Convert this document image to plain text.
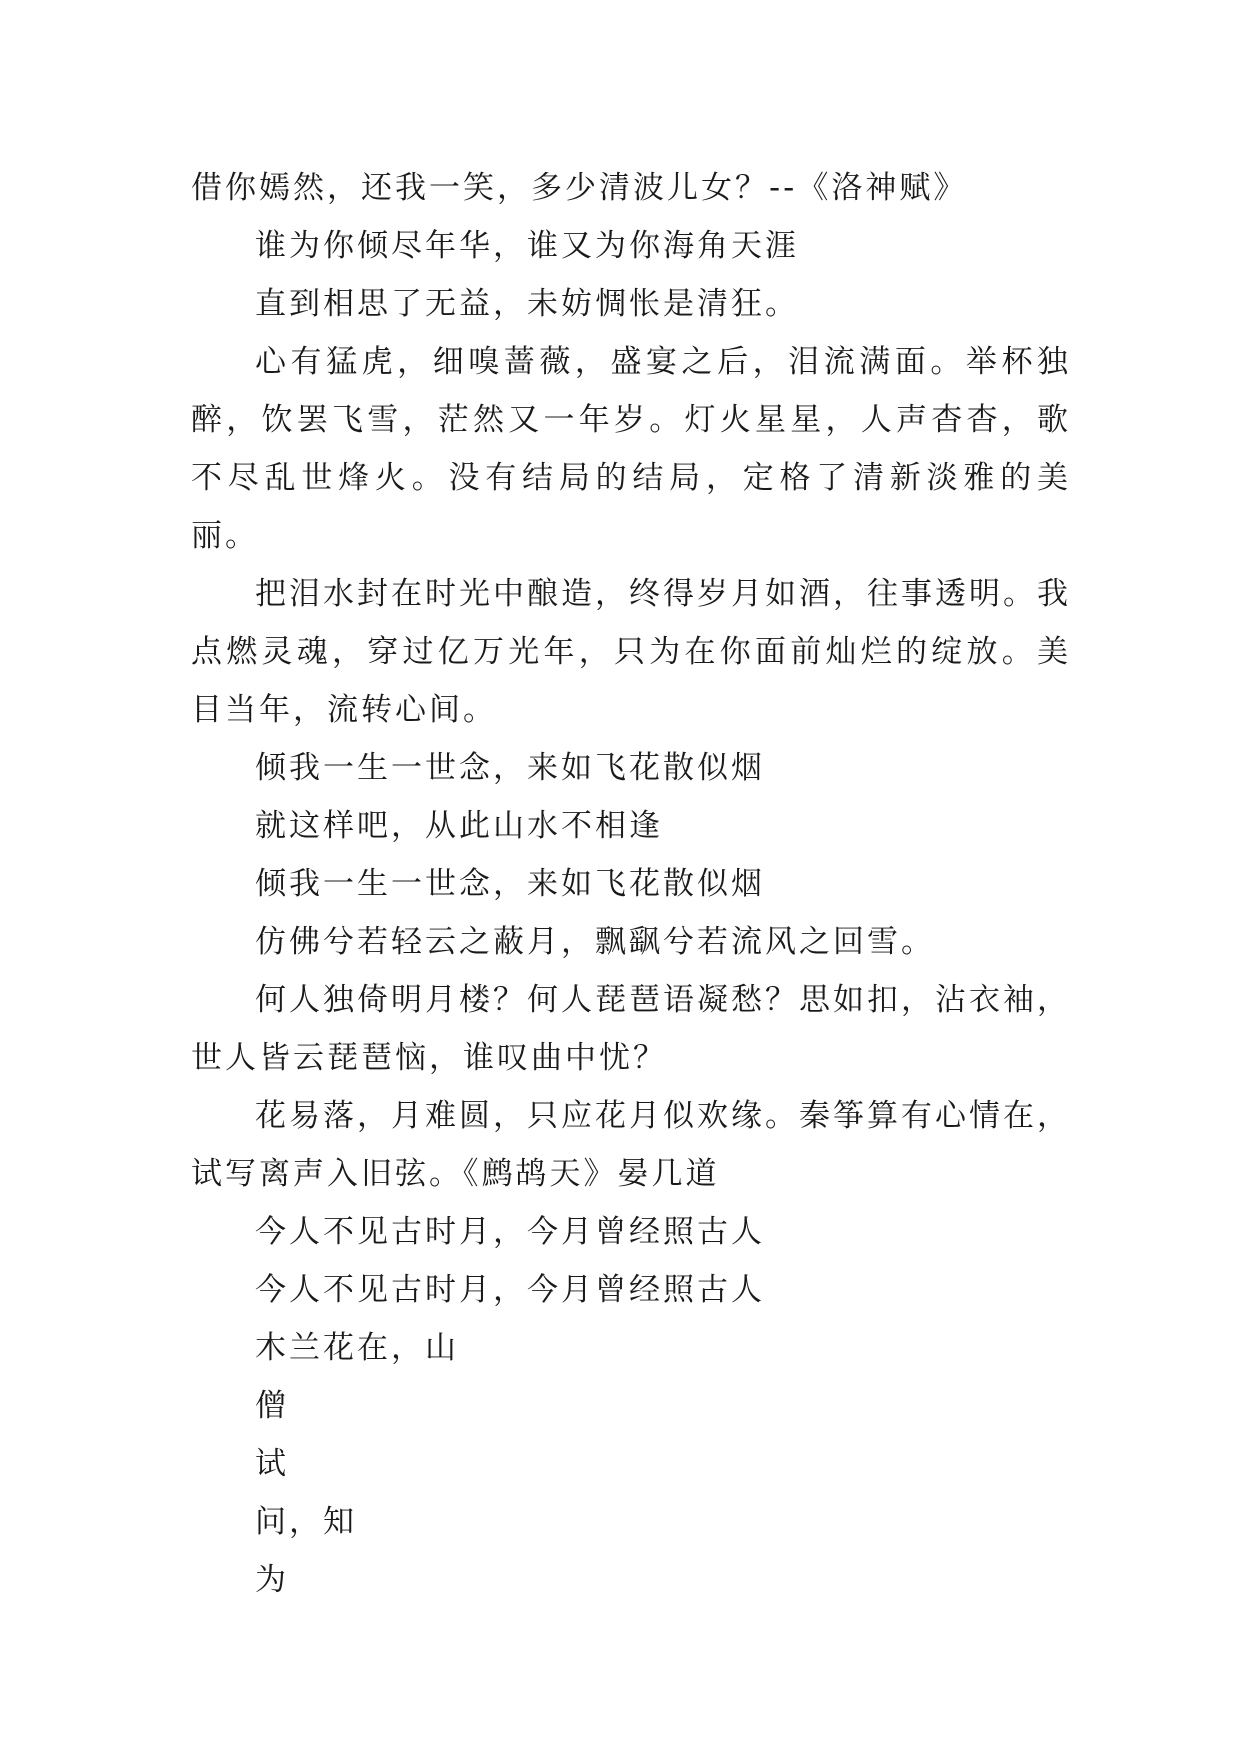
借你嫣然，还我一笑，多少清波儿女？--《洛神赋》

谁为你倾尽年华，谁又为你海角天涯

直到相思了无益，未妨惆怅是清狂。

心有猛虎，细嗅蔷薇，盛宴之后，泪流满面。举杯独醉，饮罢飞雪，茫然又一年岁。灯火星星，人声杳杳，歌不尽乱世烽火。没有结局的结局，定格了清新淡雅的美丽。

把泪水封在时光中酿造，终得岁月如酒，往事透明。我点燃灵魂，穿过亿万光年，只为在你面前灿烂的绽放。美目当年，流转心间。

倾我一生一世念，来如飞花散似烟

就这样吧，从此山水不相逢

倾我一生一世念，来如飞花散似烟

仿佛兮若轻云之蔽月，飘飖兮若流风之回雪。

何人独倚明月楼？何人琵琶语凝愁？思如扣，沾衣袖，世人皆云琵琶恼，谁叹曲中忧？

花易落，月难圆，只应花月似欢缘。秦筝算有心情在，试写离声入旧弦。《鹧鸪天》晏几道

今人不见古时月，今月曾经照古人

今人不见古时月，今月曾经照古人

木兰花在，山

僧

试

问，知

为
